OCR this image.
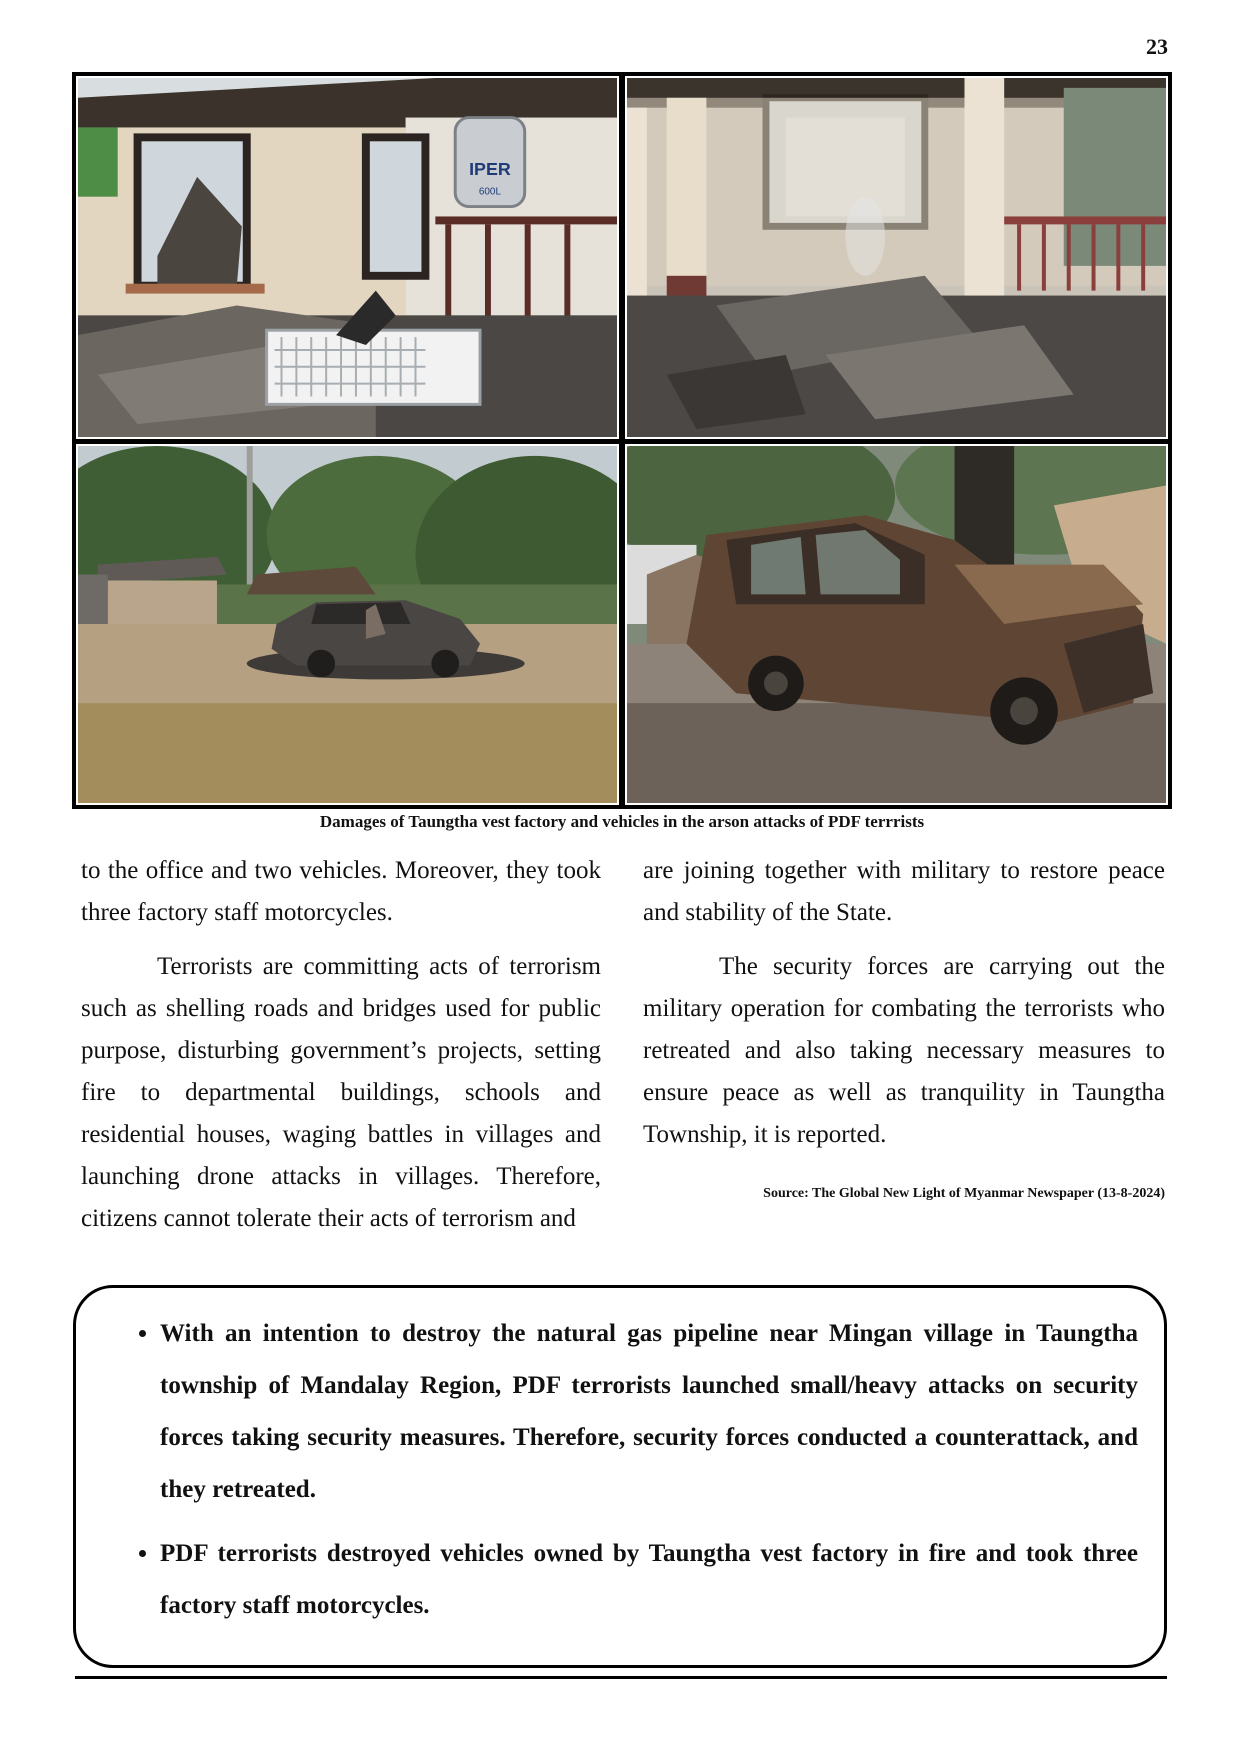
23
IPER
600L
Damages of Taungtha vest factory and vehicles in the arson attacks of PDF terrrists

to the office and two vehicles. Moreover, they took three factory staff motorcycles.

Terrorists are committing acts of terrorism such as shelling roads and bridges used for public purpose, disturbing government’s projects, setting fire to departmental buildings, schools and residential houses, waging battles in villages and launching drone attacks in villages. Therefore, citizens cannot tolerate their acts of terrorism and

are joining together with military to restore peace and stability of the State.

The security forces are carrying out the military operation for combating the terrorists who retreated and also taking necessary measures to ensure peace as well as tranquility in Taungtha Township, it is reported.

Source: The Global New Light of Myanmar Newspaper (13-8-2024)
• With an intention to destroy the natural gas pipeline near Mingan village in Taungtha township of Mandalay Region, PDF terrorists launched small/heavy attacks on security forces taking security measures. Therefore, security forces conducted a counterattack, and they retreated.
• PDF terrorists destroyed vehicles owned by Taungtha vest factory in fire and took three factory staff motorcycles.
